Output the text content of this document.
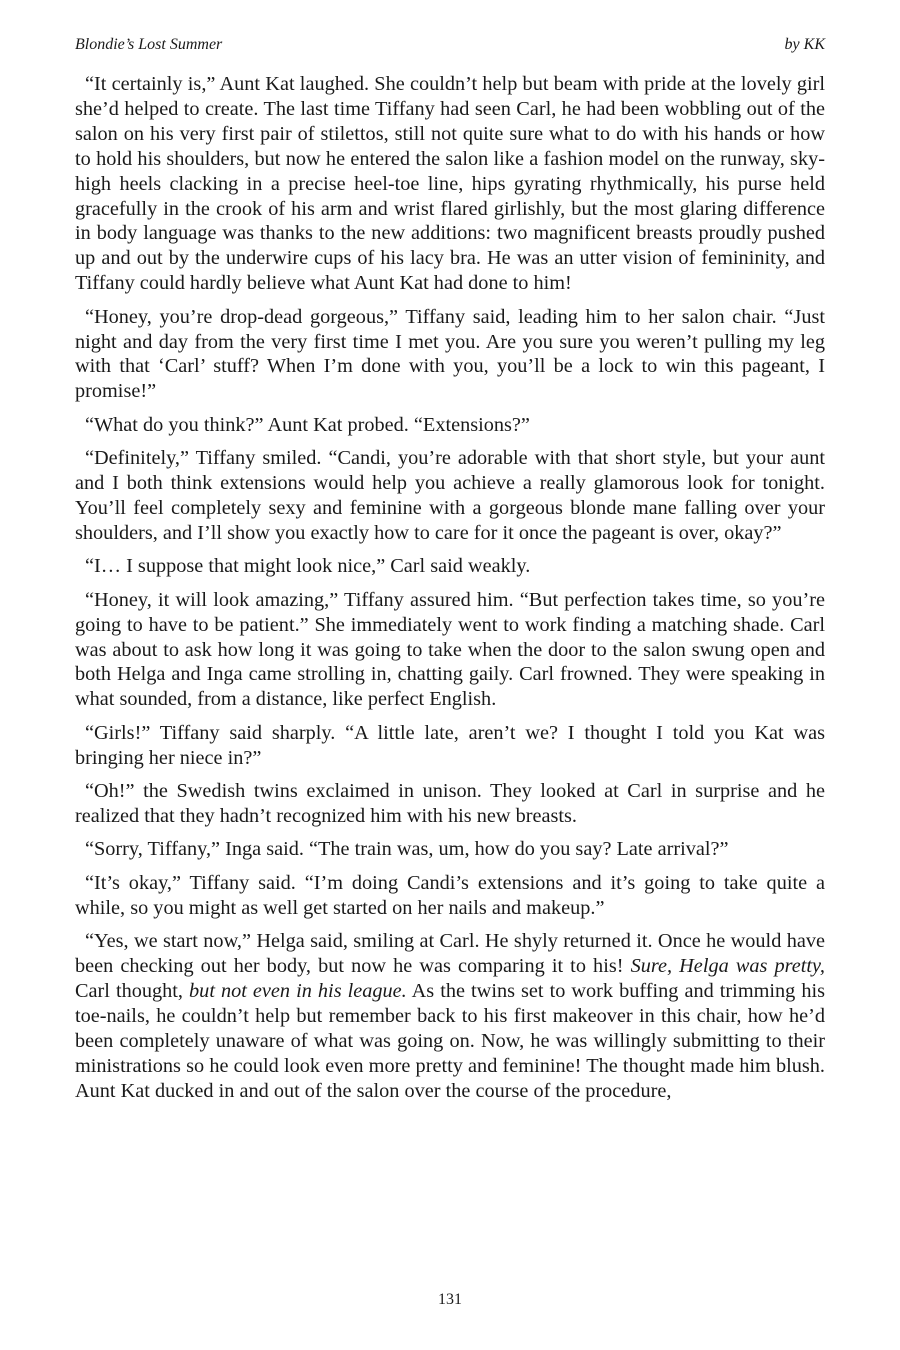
Blondie’s Lost Summer	by KK

“It certainly is,” Aunt Kat laughed. She couldn’t help but beam with pride at the lovely girl she’d helped to create. The last time Tiffany had seen Carl, he had been wobbling out of the salon on his very first pair of stilettos, still not quite sure what to do with his hands or how to hold his shoulders, but now he entered the salon like a fashion model on the runway, sky-high heels clacking in a precise heel-toe line, hips gyrating rhythmically, his purse held gracefully in the crook of his arm and wrist flared girlishly, but the most glaring difference in body language was thanks to the new additions: two magnificent breasts proudly pushed up and out by the underwire cups of his lacy bra. He was an utter vision of femininity, and Tiffany could hardly believe what Aunt Kat had done to him!

“Honey, you’re drop-dead gorgeous,” Tiffany said, leading him to her salon chair. “Just night and day from the very first time I met you. Are you sure you weren’t pulling my leg with that ‘Carl’ stuff? When I’m done with you, you’ll be a lock to win this pageant, I promise!”

“What do you think?” Aunt Kat probed. “Extensions?”

“Definitely,” Tiffany smiled. “Candi, you’re adorable with that short style, but your aunt and I both think extensions would help you achieve a really glamorous look for tonight. You’ll feel completely sexy and feminine with a gorgeous blonde mane falling over your shoulders, and I’ll show you exactly how to care for it once the pageant is over, okay?”

“I… I suppose that might look nice,” Carl said weakly.

“Honey, it will look amazing,” Tiffany assured him. “But perfection takes time, so you’re going to have to be patient.” She immediately went to work finding a matching shade. Carl was about to ask how long it was going to take when the door to the salon swung open and both Helga and Inga came strolling in, chatting gaily. Carl frowned. They were speaking in what sounded, from a distance, like perfect English.

“Girls!” Tiffany said sharply. “A little late, aren’t we? I thought I told you Kat was bringing her niece in?”

“Oh!” the Swedish twins exclaimed in unison. They looked at Carl in surprise and he realized that they hadn’t recognized him with his new breasts.

“Sorry, Tiffany,” Inga said. “The train was, um, how do you say? Late arrival?”

“It’s okay,” Tiffany said. “I’m doing Candi’s extensions and it’s going to take quite a while, so you might as well get started on her nails and makeup.”

“Yes, we start now,” Helga said, smiling at Carl. He shyly returned it. Once he would have been checking out her body, but now he was comparing it to his! Sure, Helga was pretty, Carl thought, but not even in his league. As the twins set to work buffing and trimming his toe-nails, he couldn’t help but remember back to his first makeover in this chair, how he’d been completely unaware of what was going on. Now, he was willingly submitting to their ministrations so he could look even more pretty and feminine! The thought made him blush. Aunt Kat ducked in and out of the salon over the course of the procedure,

131
